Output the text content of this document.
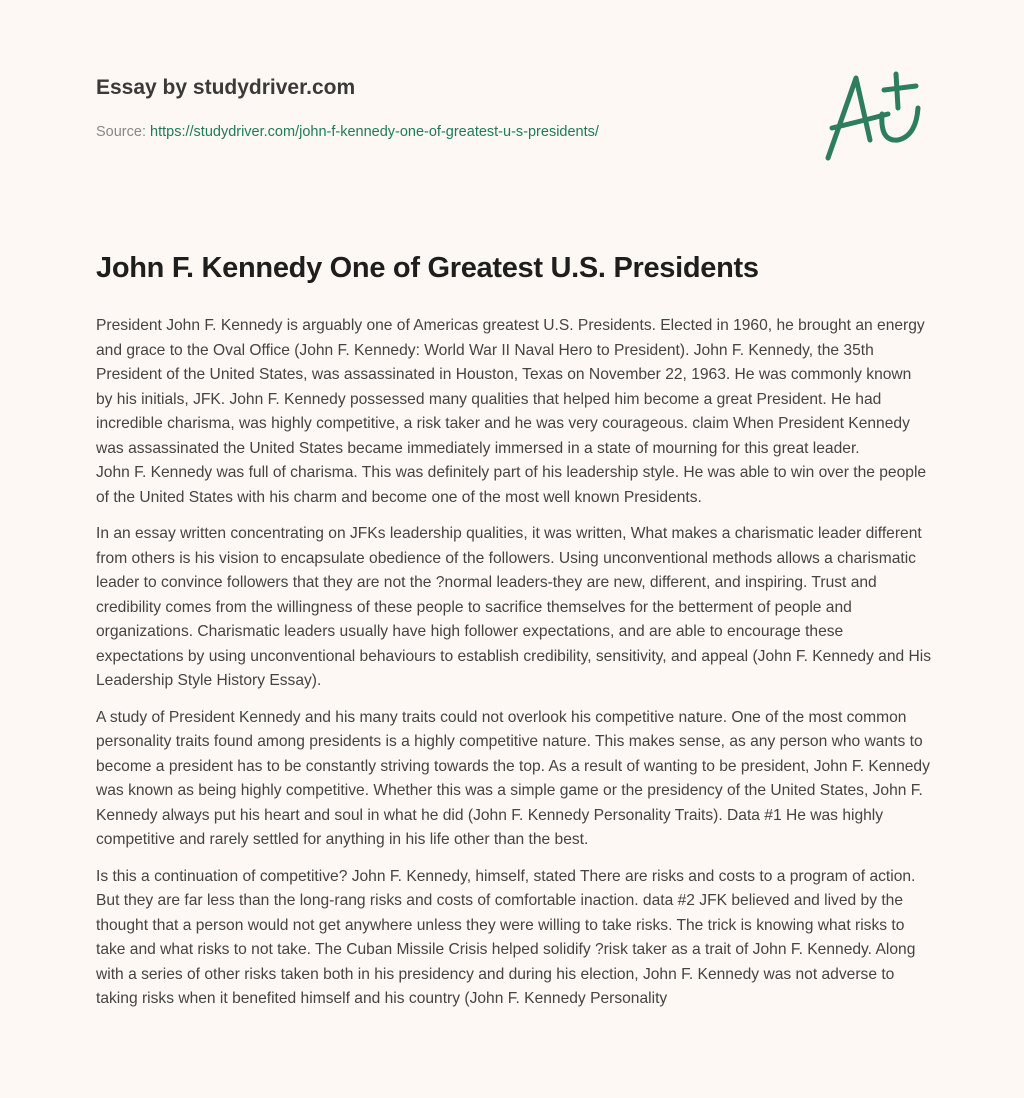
Essay by studydriver.com
Source: https://studydriver.com/john-f-kennedy-one-of-greatest-u-s-presidents/
John F. Kennedy One of Greatest U.S. Presidents

President John F. Kennedy is arguably one of Americas greatest U.S. Presidents. Elected in 1960, he brought an energy and grace to the Oval Office (John F. Kennedy: World War II Naval Hero to President). John F. Kennedy, the 35th President of the United States, was assassinated in Houston, Texas on November 22, 1963. He was commonly known by his initials, JFK. John F. Kennedy possessed many qualities that helped him become a great President. He had incredible charisma, was highly competitive, a risk taker and he was very courageous. claim When President Kennedy was assassinated the United States became immediately immersed in a state of mourning for this great leader.

John F. Kennedy was full of charisma. This was definitely part of his leadership style. He was able to win over the people of the United States with his charm and become one of the most well known Presidents.

In an essay written concentrating on JFKs leadership qualities, it was written, What makes a charismatic leader different from others is his vision to encapsulate obedience of the followers. Using unconventional methods allows a charismatic leader to convince followers that they are not the ?normal leaders-they are new, different, and inspiring. Trust and credibility comes from the willingness of these people to sacrifice themselves for the betterment of people and organizations. Charismatic leaders usually have high follower expectations, and are able to encourage these expectations by using unconventional behaviours to establish credibility, sensitivity, and appeal (John F. Kennedy and His Leadership Style History Essay).

A study of President Kennedy and his many traits could not overlook his competitive nature. One of the most common personality traits found among presidents is a highly competitive nature. This makes sense, as any person who wants to become a president has to be constantly striving towards the top. As a result of wanting to be president, John F. Kennedy was known as being highly competitive. Whether this was a simple game or the presidency of the United States, John F. Kennedy always put his heart and soul in what he did (John F. Kennedy Personality Traits). Data #1 He was highly competitive and rarely settled for anything in his life other than the best.

Is this a continuation of competitive? John F. Kennedy, himself, stated There are risks and costs to a program of action. But they are far less than the long-rang risks and costs of comfortable inaction. data #2 JFK believed and lived by the thought that a person would not get anywhere unless they were willing to take risks. The trick is knowing what risks to take and what risks to not take. The Cuban Missile Crisis helped solidify ?risk taker as a trait of John F. Kennedy. Along with a series of other risks taken both in his presidency and during his election, John F. Kennedy was not adverse to taking risks when it benefited himself and his country (John F. Kennedy Personality
